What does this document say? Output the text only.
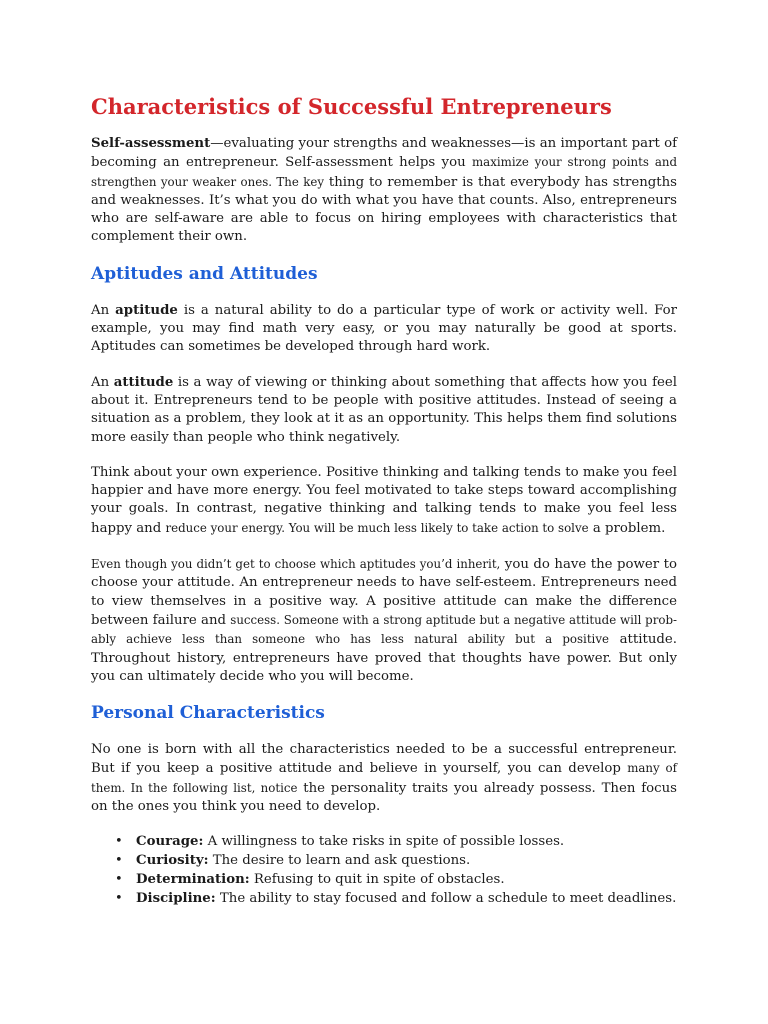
Characteristics of Successful Entrepreneurs

Self-assessment—evaluating your strengths and weaknesses—is an important part of becoming an entrepreneur. Self-assessment helps you maximize your strong points and strengthen your weaker ones. The key thing to remember is that everybody has strengths and weaknesses. It’s what you do with what you have that counts. Also, entrepreneurs who are self-aware are able to focus on hiring employees with characteristics that complement their own.

Aptitudes and Attitudes

An aptitude is a natural ability to do a particular type of work or activity well. For example, you may find math very easy, or you may naturally be good at sports. Aptitudes can sometimes be developed through hard work.

An attitude is a way of viewing or thinking about something that affects how you feel about it. Entrepreneurs tend to be people with positive attitudes. Instead of seeing a situation as a problem, they look at it as an opportunity. This helps them find solutions more easily than people who think negatively.

Think about your own experience. Positive thinking and talking tends to make you feel happier and have more energy. You feel motivated to take steps toward accomplishing your goals. In contrast, negative thinking and talking tends to make you feel less happy and reduce your energy. You will be much less likely to take action to solve a problem.

Even though you didn’t get to choose which aptitudes you’d inherit, you do have the power to choose your attitude. An entrepreneur needs to have self-esteem. Entrepreneurs need to view themselves in a positive way. A positive attitude can make the difference between failure and success. Someone with a strong aptitude but a negative attitude will prob- ably achieve less than someone who has less natural ability but a positive attitude. Throughout history, entrepreneurs have proved that thoughts have power. But only you can ultimately decide who you will become.

Personal Characteristics

No one is born with all the characteristics needed to be a successful entrepreneur. But if you keep a positive attitude and believe in yourself, you can develop many of them. In the following list, notice the personality traits you already possess. Then focus on the ones you think you need to develop.

• Courage: A willingness to take risks in spite of possible losses.
• Curiosity: The desire to learn and ask questions.
• Determination: Refusing to quit in spite of obstacles.
• Discipline: The ability to stay focused and follow a schedule to meet deadlines.
